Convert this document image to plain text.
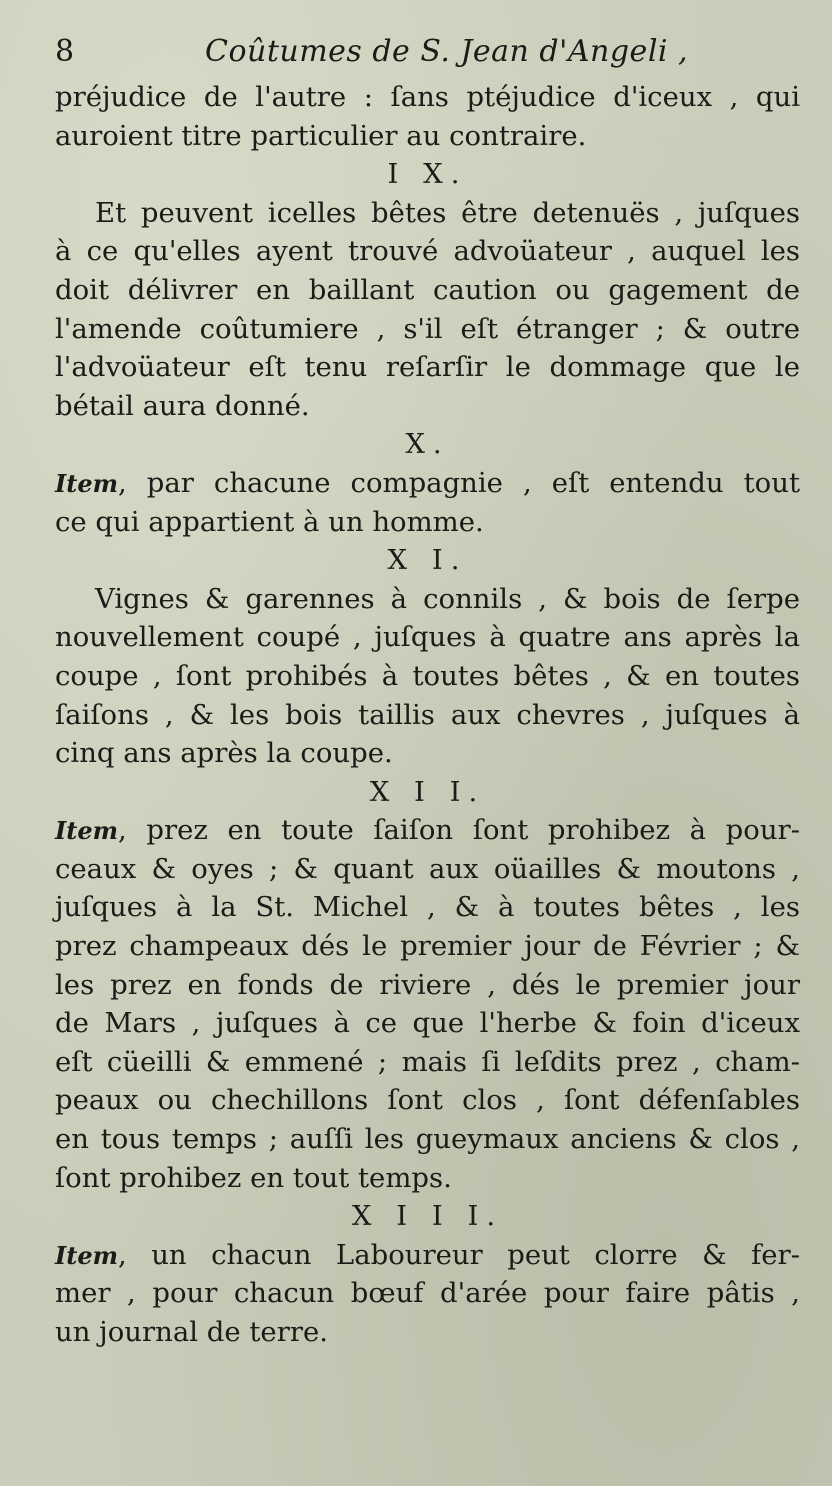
8	Coûtumes de S. Jean d'Angeli ,
préjudice de l'autre : ſans ptéjudice d'iceux , qui
auroient titre particulier au contraire.
I X.
Et peuvent icelles bêtes être detenuës , juſques
à ce qu'elles ayent trouvé advoüateur , auquel les
doit délivrer en baillant caution ou gagement de
l'amende coûtumiere , s'il eſt étranger ; & outre
l'advoüateur eſt tenu reſarſir le dommage que le
bétail aura donné.
X.
Item, par chacune compagnie , eſt entendu tout
ce qui appartient à un homme.
X I.
Vignes & garennes à connils , & bois de ſerpe
nouvellement coupé , juſques à quatre ans après la
coupe , ſont prohibés à toutes bêtes , & en toutes
ſaiſons , & les bois taillis aux chevres , juſques à
cinq ans après la coupe.
X I I.
Item, prez en toute ſaiſon ſont prohibez à pour-
ceaux & oyes ; & quant aux oüailles & moutons ,
juſques à la St. Michel , & à toutes bêtes , les
prez champeaux dés le premier jour de Février ; &
les prez en fonds de riviere , dés le premier jour
de Mars , juſques à ce que l'herbe & foin d'iceux
eſt cüeilli & emmené ; mais ſi leſdits prez , cham-
peaux ou chechillons ſont clos , ſont défenſables
en tous temps ; auſſi les gueymaux anciens & clos ,
ſont prohibez en tout temps.
X I I I.
Item, un chacun Laboureur peut clorre & fer-
mer , pour chacun bœuf d'arée pour faire pâtis ,
un journal de terre.
